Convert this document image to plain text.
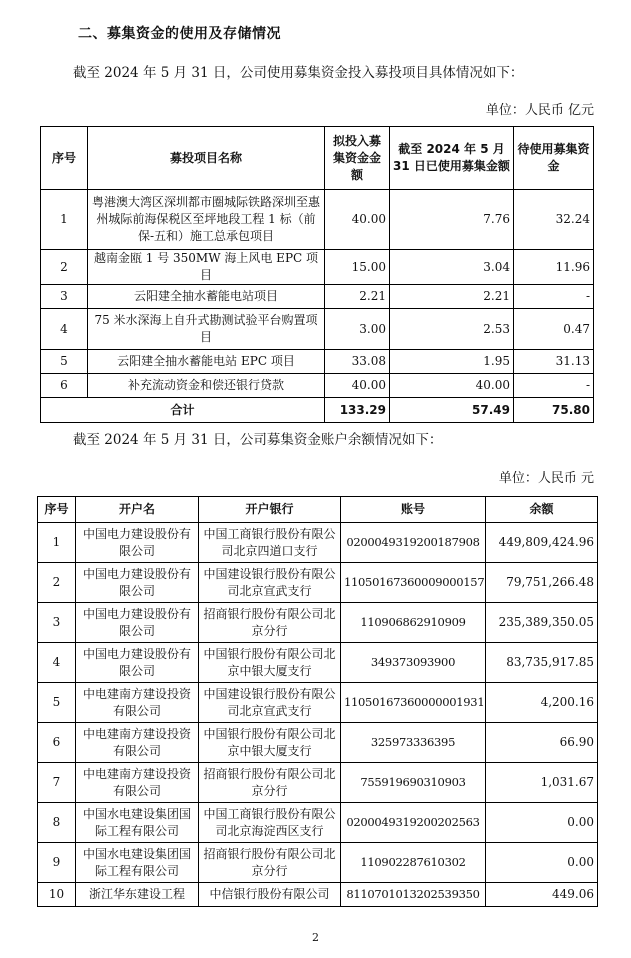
二、募集资金的使用及存储情况
截至 2024 年 5 月 31 日，公司使用募集资金投入募投项目具体情况如下：
单位：人民币 亿元
序号	募投项目名称	拟投入募集资金金额	截至 2024 年 5 月 31 日已使用募集金额	待使用募集资金
1	粤港澳大湾区深圳都市圈城际铁路深圳至惠州城际前海保税区至坪地段工程 1 标（前保-五和）施工总承包项目	40.00	7.76	32.24
2	越南金瓯 1 号 350MW 海上风电 EPC 项目	15.00	3.04	11.96
3	云阳建全抽水蓄能电站项目	2.21	2.21	-
4	75 米水深海上自升式勘测试验平台购置项目	3.00	2.53	0.47
5	云阳建全抽水蓄能电站 EPC 项目	33.08	1.95	31.13
6	补充流动资金和偿还银行贷款	40.00	40.00	-
合计		133.29	57.49	75.80
截至 2024 年 5 月 31 日，公司募集资金账户余额情况如下：
单位：人民币 元
序号	开户名	开户银行	账号	余额
1	中国电力建设股份有限公司	中国工商银行股份有限公司北京四道口支行	0200049319200187908	449,809,424.96
2	中国电力建设股份有限公司	中国建设银行股份有限公司北京宣武支行	11050167360009000157	79,751,266.48
3	中国电力建设股份有限公司	招商银行股份有限公司北京分行	110906862910909	235,389,350.05
4	中国电力建设股份有限公司	中国银行股份有限公司北京中银大厦支行	349373093900	83,735,917.85
5	中电建南方建设投资有限公司	中国建设银行股份有限公司北京宣武支行	11050167360000001931	4,200.16
6	中电建南方建设投资有限公司	中国银行股份有限公司北京中银大厦支行	325973336395	66.90
7	中电建南方建设投资有限公司	招商银行股份有限公司北京分行	755919690310903	1,031.67
8	中国水电建设集团国际工程有限公司	中国工商银行股份有限公司北京海淀西区支行	0200049319200202563	0.00
9	中国水电建设集团国际工程有限公司	招商银行股份有限公司北京分行	110902287610302	0.00
10	浙江华东建设工程	中信银行股份有限公司	8110701013202539350	449.06
2
